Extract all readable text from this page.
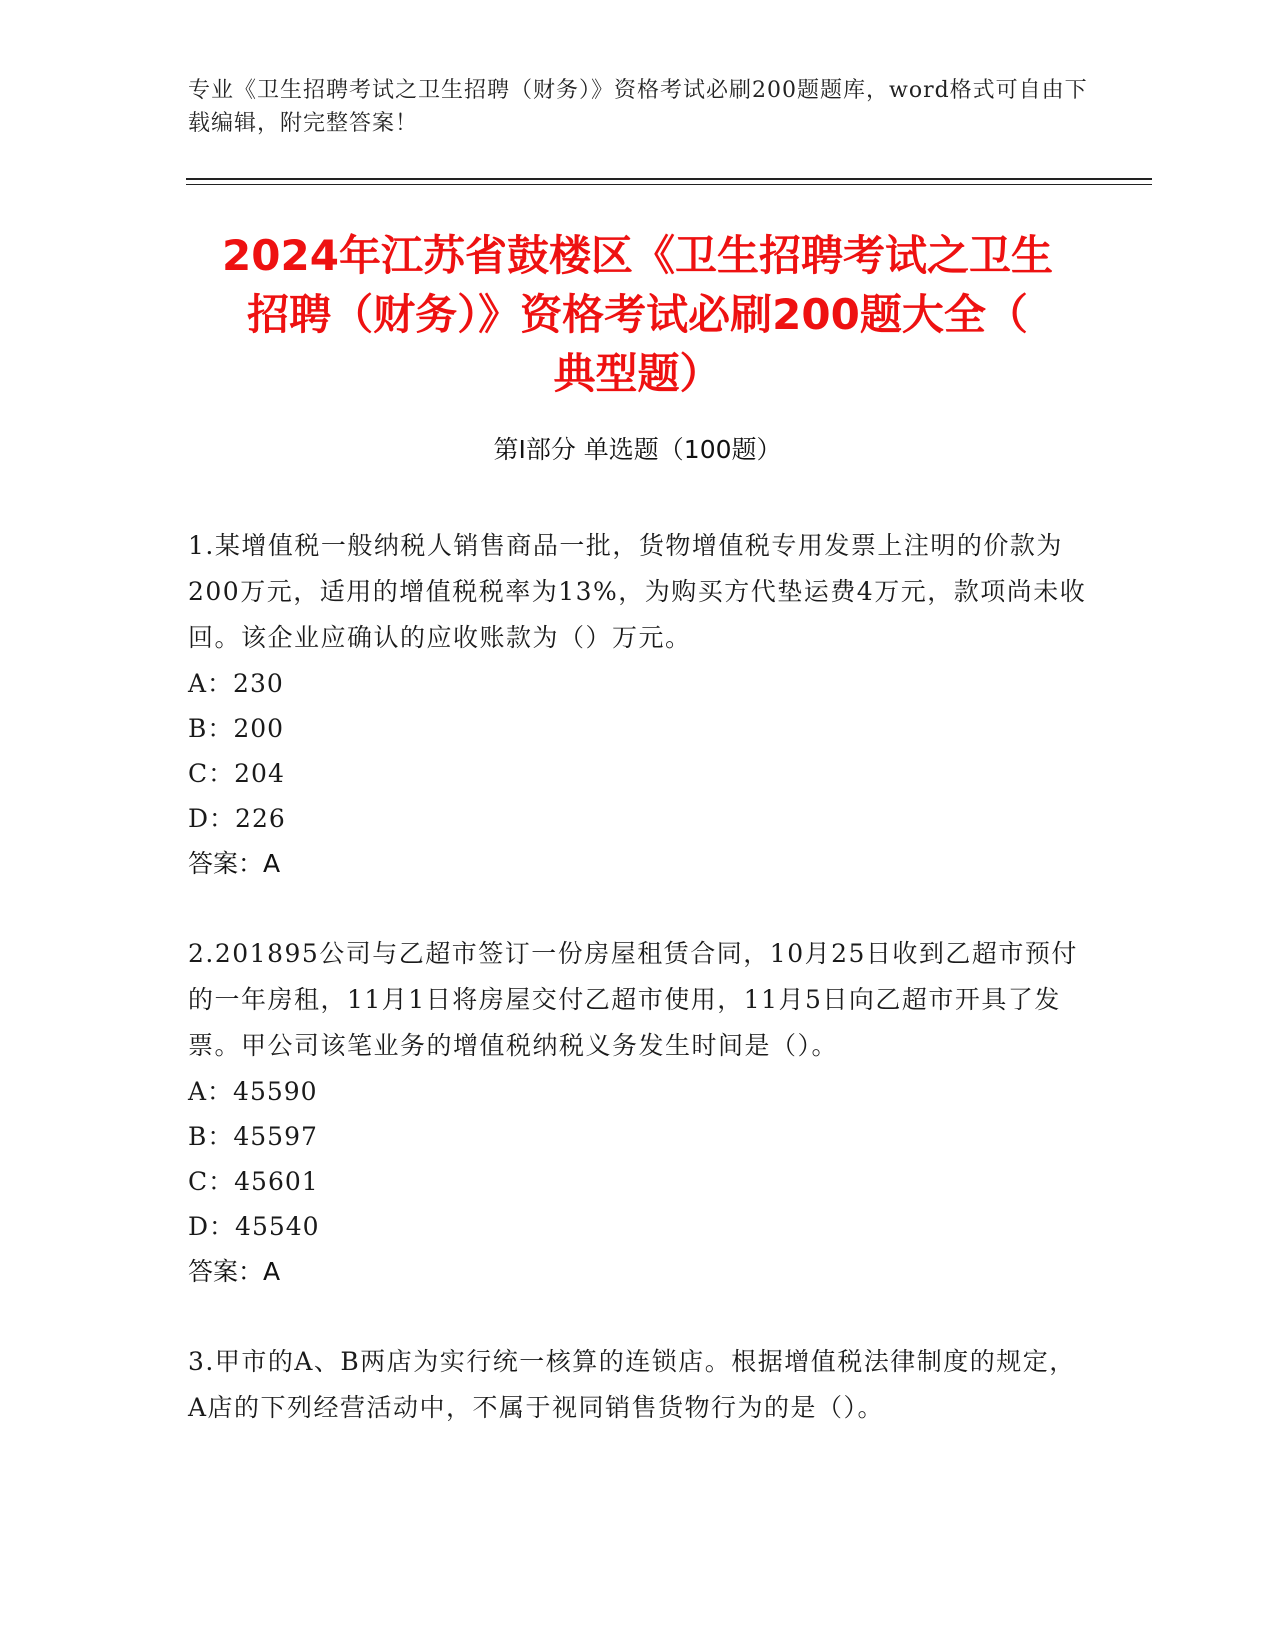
专业《卫生招聘考试之卫生招聘（财务）》资格考试必刷200题题库，word格式可自由下载编辑，附完整答案！
2024年江苏省鼓楼区《卫生招聘考试之卫生
招聘（财务）》资格考试必刷200题大全（
典型题）
第Ⅰ部分 单选题（100题）
1.某增值税一般纳税人销售商品一批，货物增值税专用发票上注明的价款为200万元，适用的增值税税率为13%，为购买方代垫运费4万元，款项尚未收回。该企业应确认的应收账款为（）万元。
A：230
B：200
C：204
D：226
答案：A
2.201895公司与乙超市签订一份房屋租赁合同，10月25日收到乙超市预付的一年房租，11月1日将房屋交付乙超市使用，11月5日向乙超市开具了发票。甲公司该笔业务的增值税纳税义务发生时间是（）。
A：45590
B：45597
C：45601
D：45540
答案：A
3.甲市的A、B两店为实行统一核算的连锁店。根据增值税法律制度的规定，A店的下列经营活动中，不属于视同销售货物行为的是（）。
